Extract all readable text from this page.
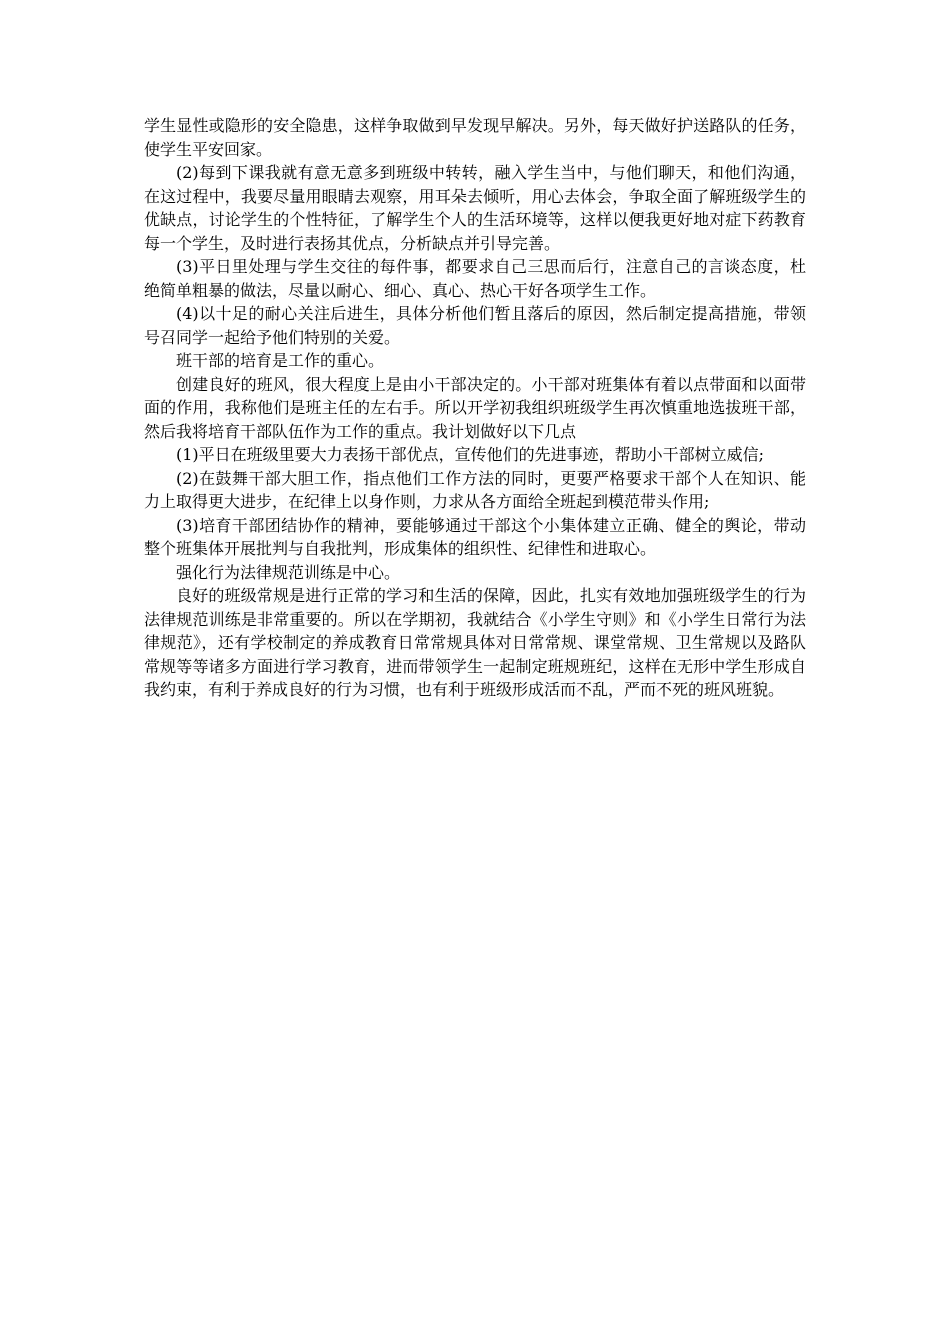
学生显性或隐形的安全隐患，这样争取做到早发现早解决。另外，每天做好护送路队的任务，使学生平安回家。

(2)每到下课我就有意无意多到班级中转转，融入学生当中，与他们聊天，和他们沟通，在这过程中，我要尽量用眼睛去观察，用耳朵去倾听，用心去体会，争取全面了解班级学生的优缺点，讨论学生的个性特征，了解学生个人的生活环境等，这样以便我更好地对症下药教育每一个学生，及时进行表扬其优点，分析缺点并引导完善。

(3)平日里处理与学生交往的每件事，都要求自己三思而后行，注意自己的言谈态度，杜绝简单粗暴的做法，尽量以耐心、细心、真心、热心干好各项学生工作。

(4)以十足的耐心关注后进生，具体分析他们暂且落后的原因，然后制定提高措施，带领号召同学一起给予他们特别的关爱。

班干部的培育是工作的重心。

创建良好的班风，很大程度上是由小干部决定的。小干部对班集体有着以点带面和以面带面的作用，我称他们是班主任的左右手。所以开学初我组织班级学生再次慎重地选拔班干部，然后我将培育干部队伍作为工作的重点。我计划做好以下几点

(1)平日在班级里要大力表扬干部优点，宣传他们的先进事迹，帮助小干部树立威信;

(2)在鼓舞干部大胆工作，指点他们工作方法的同时，更要严格要求干部个人在知识、能力上取得更大进步，在纪律上以身作则，力求从各方面给全班起到模范带头作用;

(3)培育干部团结协作的精神，要能够通过干部这个小集体建立正确、健全的舆论，带动整个班集体开展批判与自我批判，形成集体的组织性、纪律性和进取心。

强化行为法律规范训练是中心。

良好的班级常规是进行正常的学习和生活的保障，因此，扎实有效地加强班级学生的行为法律规范训练是非常重要的。所以在学期初，我就结合《小学生守则》和《小学生日常行为法律规范》，还有学校制定的养成教育日常常规具体对日常常规、课堂常规、卫生常规以及路队常规等等诸多方面进行学习教育，进而带领学生一起制定班规班纪，这样在无形中学生形成自我约束，有利于养成良好的行为习惯，也有利于班级形成活而不乱，严而不死的班风班貌。
